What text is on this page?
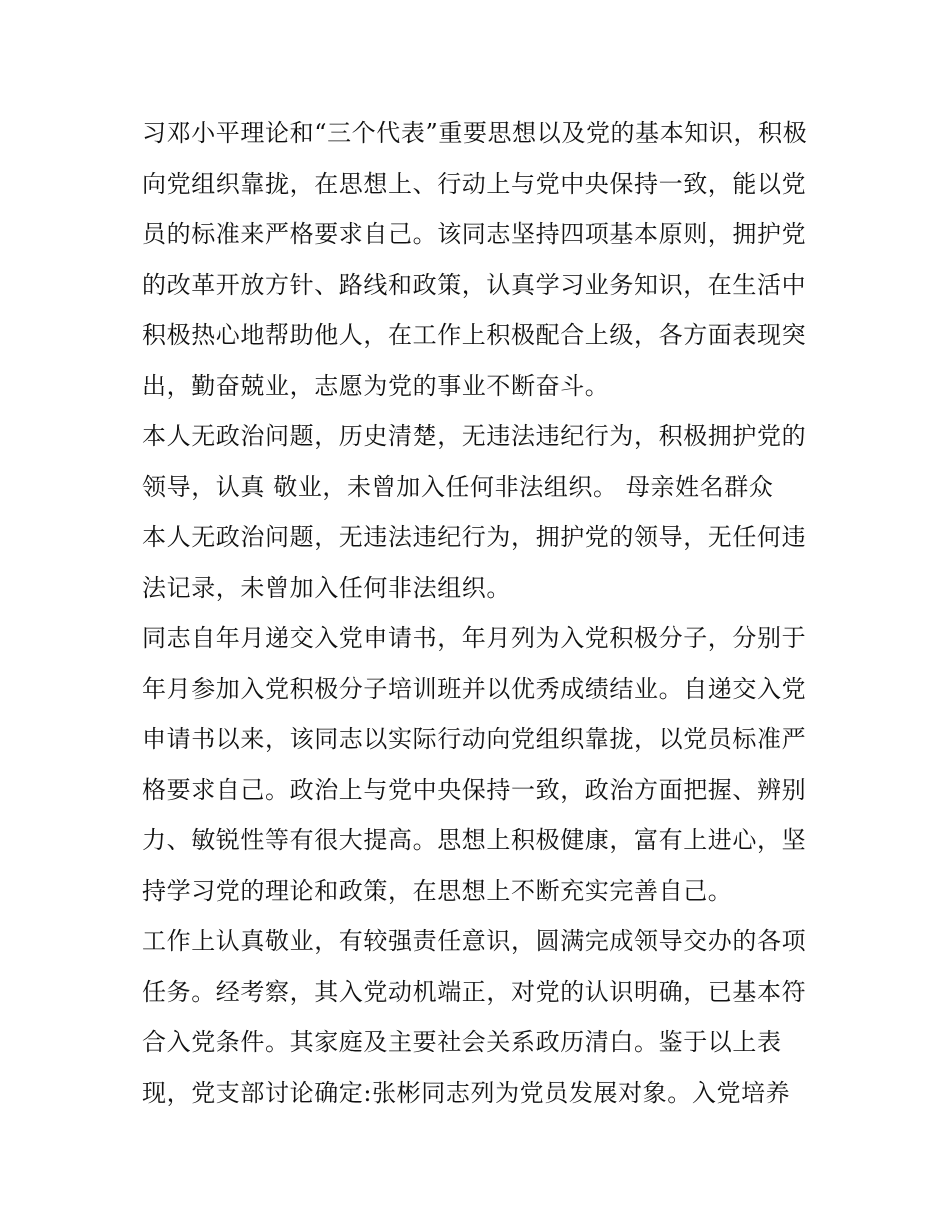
习邓小平理论和“三个代表”重要思想以及党的基本知识，积极
向党组织靠拢，在思想上、行动上与党中央保持一致，能以党
员的标准来严格要求自己。该同志坚持四项基本原则，拥护党
的改革开放方针、路线和政策，认真学习业务知识，在生活中
积极热心地帮助他人，在工作上积极配合上级，各方面表现突
出，勤奋兢业，志愿为党的事业不断奋斗。
本人无政治问题，历史清楚，无违法违纪行为，积极拥护党的
领导，认真 敬业，未曾加入任何非法组织。 母亲姓名群众
本人无政治问题，无违法违纪行为，拥护党的领导，无任何违
法记录，未曾加入任何非法组织。
同志自年月递交入党申请书，年月列为入党积极分子，分别于
年月参加入党积极分子培训班并以优秀成绩结业。自递交入党
申请书以来，该同志以实际行动向党组织靠拢，以党员标准严
格要求自己。政治上与党中央保持一致，政治方面把握、辨别
力、敏锐性等有很大提高。思想上积极健康，富有上进心，坚
持学习党的理论和政策，在思想上不断充实完善自己。
工作上认真敬业，有较强责任意识，圆满完成领导交办的各项
任务。经考察，其入党动机端正，对党的认识明确，已基本符
合入党条件。其家庭及主要社会关系政历清白。鉴于以上表
现，党支部讨论确定:张彬同志列为党员发展对象。入党培养
